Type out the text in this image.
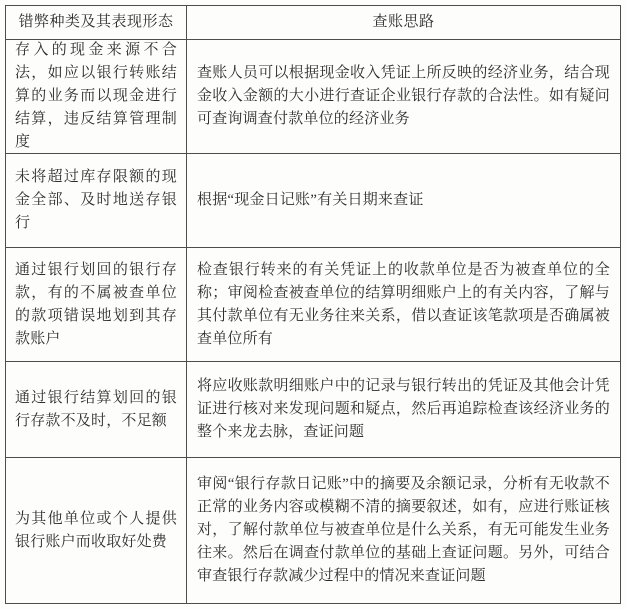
错弊种类及其表现形态	查账思路
存入的现金来源不合法，如应以银行转账结算的业务而以现金进行结算，违反结算管理制度
查账人员可以根据现金收入凭证上所反映的经济业务，结合现金收入金额的大小进行查证企业银行存款的合法性。如有疑问可查询调查付款单位的经济业务
未将超过库存限额的现金全部、及时地送存银行
根据“现金日记账”有关日期来查证
通过银行划回的银行存款，有的不属被查单位的款项错误地划到其存款账户
检查银行转来的有关凭证上的收款单位是否为被查单位的全称；审阅检查被查单位的结算明细账户上的有关内容，了解与其付款单位有无业务往来关系，借以查证该笔款项是否确属被查单位所有
通过银行结算划回的银行存款不及时，不足额
将应收账款明细账户中的记录与银行转出的凭证及其他会计凭证进行核对来发现问题和疑点，然后再追踪检查该经济业务的整个来龙去脉，查证问题
为其他单位或个人提供银行账户而收取好处费
审阅“银行存款日记账”中的摘要及余额记录，分析有无收款不正常的业务内容或模糊不清的摘要叙述，如有，应进行账证核对，了解付款单位与被查单位是什么关系，有无可能发生业务往来。然后在调查付款单位的基础上查证问题。另外，可结合审查银行存款减少过程中的情况来查证问题
